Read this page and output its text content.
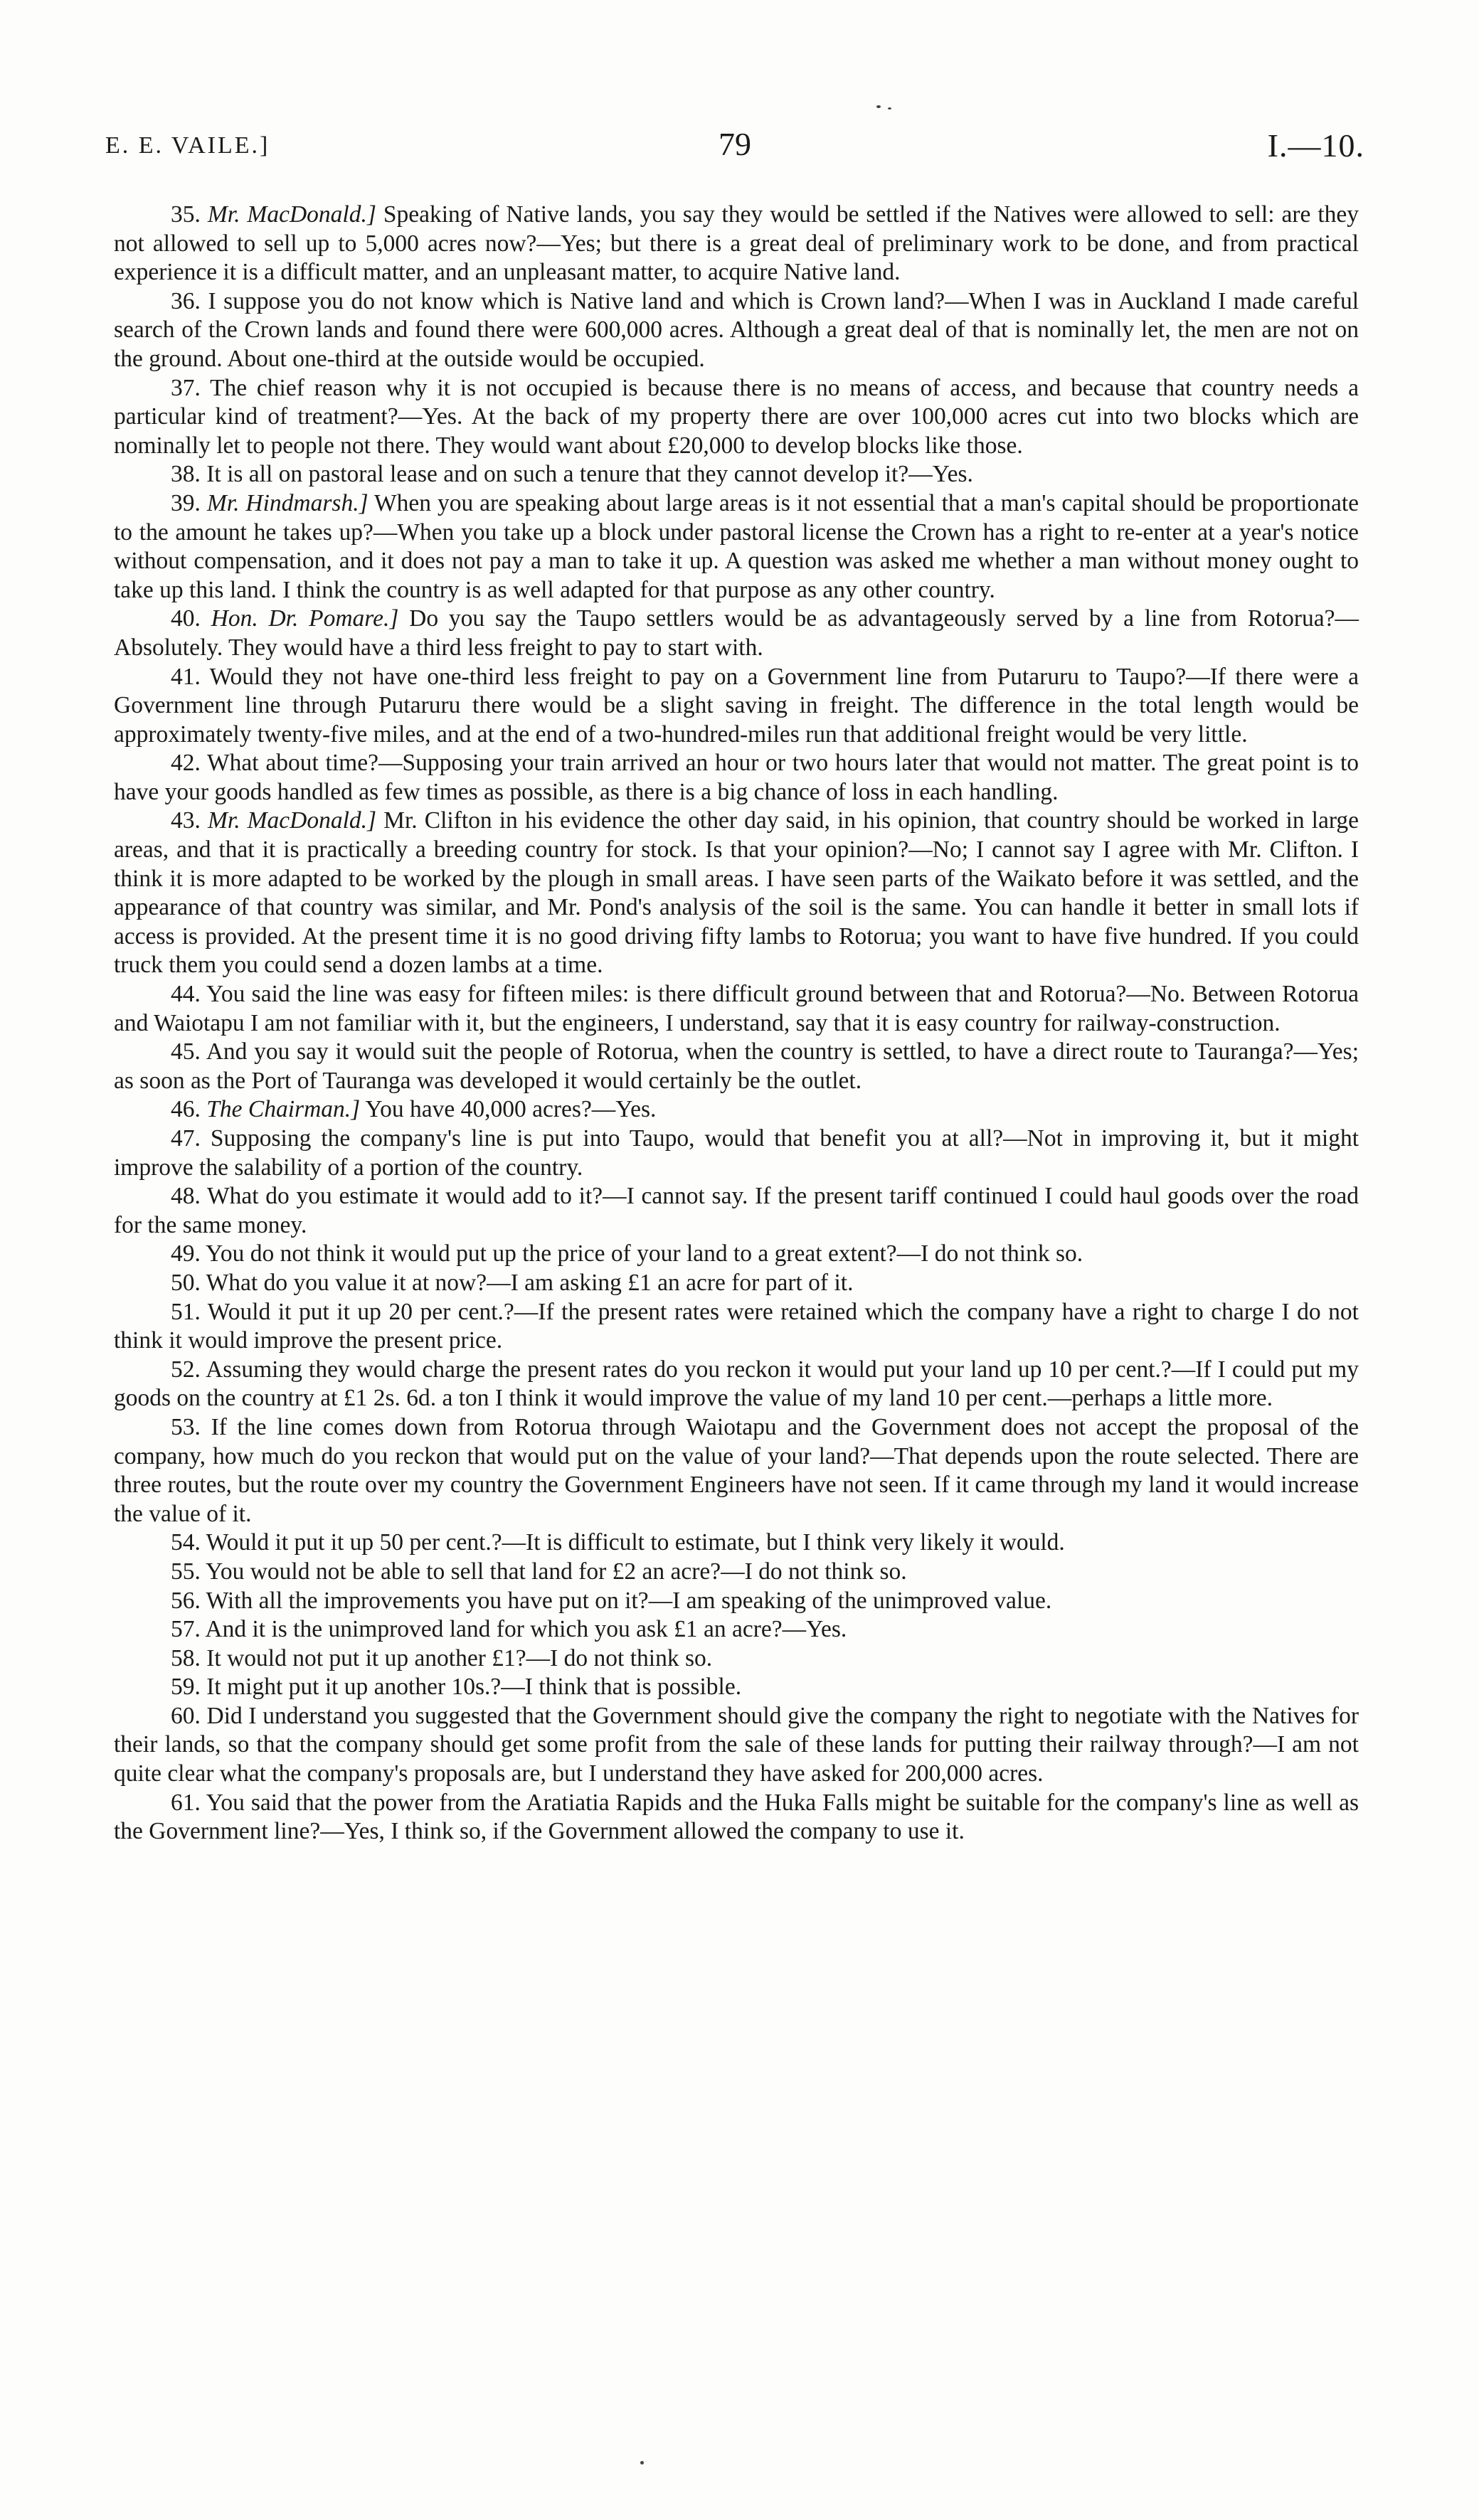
E. E. VAILE.]	79	I.—10.

35. Mr. MacDonald.] Speaking of Native lands, you say they would be settled if the Natives were allowed to sell: are they not allowed to sell up to 5,000 acres now?—Yes; but there is a great deal of preliminary work to be done, and from practical experience it is a difficult matter, and an unpleasant matter, to acquire Native land.

36. I suppose you do not know which is Native land and which is Crown land?—When I was in Auckland I made careful search of the Crown lands and found there were 600,000 acres. Although a great deal of that is nominally let, the men are not on the ground. About one-third at the outside would be occupied.

37. The chief reason why it is not occupied is because there is no means of access, and because that country needs a particular kind of treatment?—Yes. At the back of my property there are over 100,000 acres cut into two blocks which are nominally let to people not there. They would want about £20,000 to develop blocks like those.

38. It is all on pastoral lease and on such a tenure that they cannot develop it?—Yes.

39. Mr. Hindmarsh.] When you are speaking about large areas is it not essential that a man's capital should be proportionate to the amount he takes up?—When you take up a block under pastoral license the Crown has a right to re-enter at a year's notice without compensation, and it does not pay a man to take it up. A question was asked me whether a man without money ought to take up this land. I think the country is as well adapted for that purpose as any other country.

40. Hon. Dr. Pomare.] Do you say the Taupo settlers would be as advantageously served by a line from Rotorua?—Absolutely. They would have a third less freight to pay to start with.

41. Would they not have one-third less freight to pay on a Government line from Putaruru to Taupo?—If there were a Government line through Putaruru there would be a slight saving in freight. The difference in the total length would be approximately twenty-five miles, and at the end of a two-hundred-miles run that additional freight would be very little.

42. What about time?—Supposing your train arrived an hour or two hours later that would not matter. The great point is to have your goods handled as few times as possible, as there is a big chance of loss in each handling.

43. Mr. MacDonald.] Mr. Clifton in his evidence the other day said, in his opinion, that country should be worked in large areas, and that it is practically a breeding country for stock. Is that your opinion?—No; I cannot say I agree with Mr. Clifton. I think it is more adapted to be worked by the plough in small areas. I have seen parts of the Waikato before it was settled, and the appearance of that country was similar, and Mr. Pond's analysis of the soil is the same. You can handle it better in small lots if access is provided. At the present time it is no good driving fifty lambs to Rotorua; you want to have five hundred. If you could truck them you could send a dozen lambs at a time.

44. You said the line was easy for fifteen miles: is there difficult ground between that and Rotorua?—No. Between Rotorua and Waiotapu I am not familiar with it, but the engineers, I understand, say that it is easy country for railway-construction.

45. And you say it would suit the people of Rotorua, when the country is settled, to have a direct route to Tauranga?—Yes; as soon as the Port of Tauranga was developed it would certainly be the outlet.

46. The Chairman.] You have 40,000 acres?—Yes.

47. Supposing the company's line is put into Taupo, would that benefit you at all?—Not in improving it, but it might improve the salability of a portion of the country.

48. What do you estimate it would add to it?—I cannot say. If the present tariff continued I could haul goods over the road for the same money.

49. You do not think it would put up the price of your land to a great extent?—I do not think so.

50. What do you value it at now?—I am asking £1 an acre for part of it.

51. Would it put it up 20 per cent.?—If the present rates were retained which the company have a right to charge I do not think it would improve the present price.

52. Assuming they would charge the present rates do you reckon it would put your land up 10 per cent.?—If I could put my goods on the country at £1 2s. 6d. a ton I think it would improve the value of my land 10 per cent.—perhaps a little more.

53. If the line comes down from Rotorua through Waiotapu and the Government does not accept the proposal of the company, how much do you reckon that would put on the value of your land?—That depends upon the route selected. There are three routes, but the route over my country the Government Engineers have not seen. If it came through my land it would increase the value of it.

54. Would it put it up 50 per cent.?—It is difficult to estimate, but I think very likely it would.

55. You would not be able to sell that land for £2 an acre?—I do not think so.

56. With all the improvements you have put on it?—I am speaking of the unimproved value.

57. And it is the unimproved land for which you ask £1 an acre?—Yes.

58. It would not put it up another £1?—I do not think so.

59. It might put it up another 10s.?—I think that is possible.

60. Did I understand you suggested that the Government should give the company the right to negotiate with the Natives for their lands, so that the company should get some profit from the sale of these lands for putting their railway through?—I am not quite clear what the company's proposals are, but I understand they have asked for 200,000 acres.

61. You said that the power from the Aratiatia Rapids and the Huka Falls might be suitable for the company's line as well as the Government line?—Yes, I think so, if the Government allowed the company to use it.
